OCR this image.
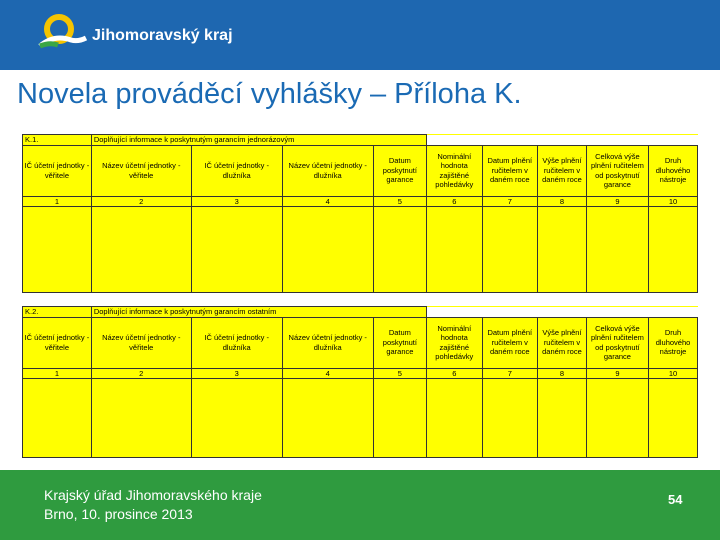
Jihomoravský kraj
Novela prováděcí vyhlášky – Příloha K.
K.1.	Doplňující informace k poskytnutým garancím jednorázovým								
IČ účetní jednotky - věřitele	Název účetní jednotky - věřitele	IČ účetní jednotky - dlužníka	Název účetní jednotky - dlužníka	Datum poskytnutí garance	Nominální hodnota zajištěné pohledávky	Datum plnění ručitelem v daném roce	Výše plnění ručitelem v daném roce	Celková výše plnění ručitelem od poskytnutí garance	Druh dluhového nástroje
1	2	3	4	5	6	7	8	9	10

K.2.	Doplňující informace k poskytnutým garancím ostatním								
IČ účetní jednotky - věřitele	Název účetní jednotky - věřitele	IČ účetní jednotky - dlužníka	Název účetní jednotky - dlužníka	Datum poskytnutí garance	Nominální hodnota zajištěné pohledávky	Datum plnění ručitelem v daném roce	Výše plnění ručitelem v daném roce	Celková výše plnění ručitelem od poskytnutí garance	Druh dluhového nástroje
1	2	3	4	5	6	7	8	9	10

Krajský úřad Jihomoravského kraje
Brno, 10. prosince 2013
54
